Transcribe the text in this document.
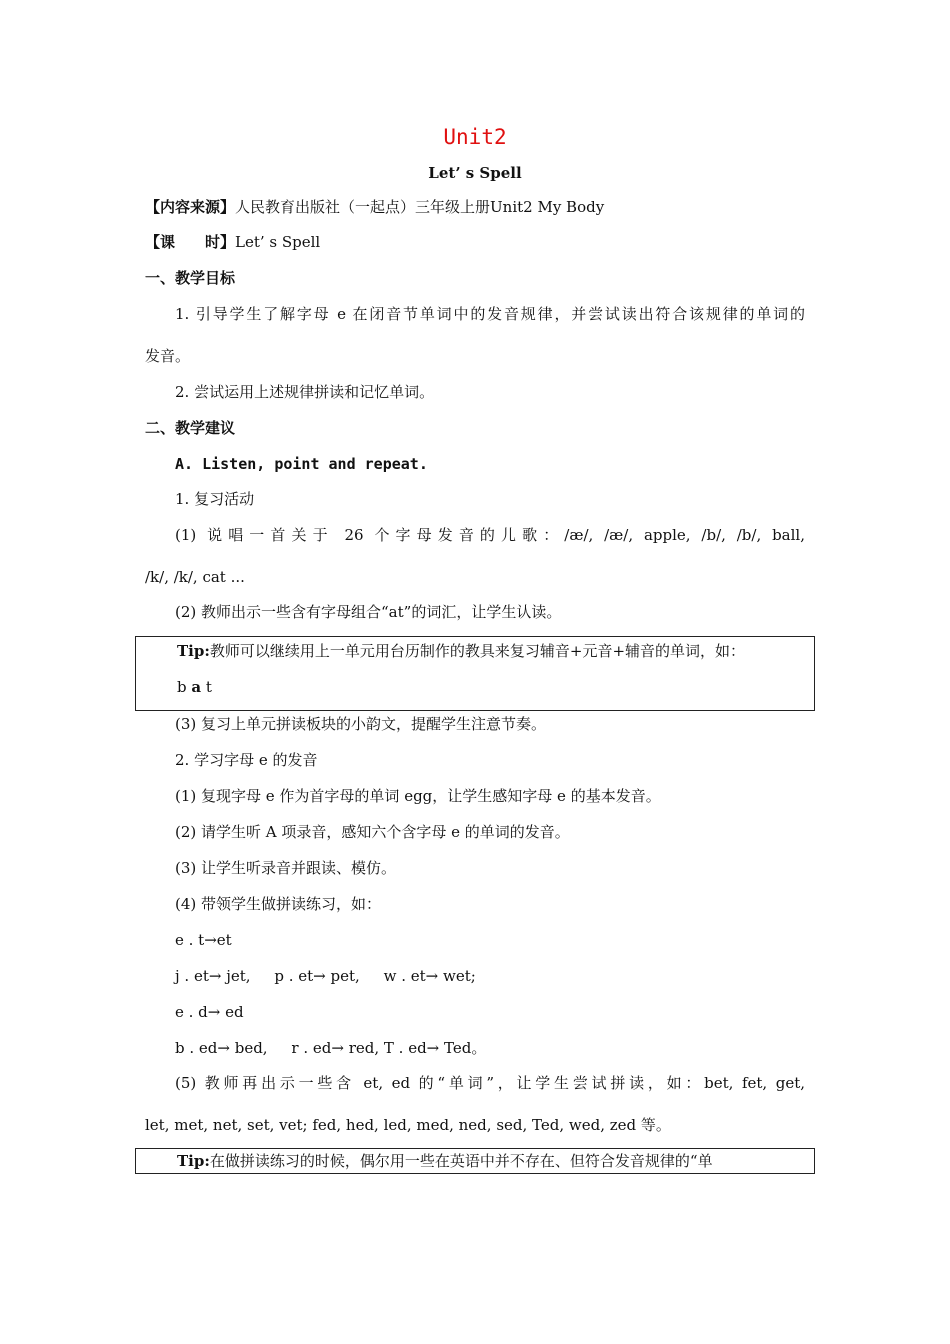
Unit2
Let’ s Spell
【内容来源】人民教育出版社（一起点）三年级上册Unit2 My Body
【课　　时】Let’ s Spell
一、教学目标
1. 引导学生了解字母 e 在闭音节单词中的发音规律，并尝试读出符合该规律的单词的
发音。
2. 尝试运用上述规律拼读和记忆单词。
二、教学建议
A. Listen, point and repeat.
1. 复习活动
(1) 说唱一首关于 26 个字母发音的儿歌：/æ/, /æ/, apple, /b/, /b/, ball,
/k/, /k/, cat ...
(2) 教师出示一些含有字母组合“at”的词汇，让学生认读。
Tip:教师可以继续用上一单元用台历制作的教具来复习辅音+元音+辅音的单词，如：
b a t
(3) 复习上单元拼读板块的小韵文，提醒学生注意节奏。
2. 学习字母 e 的发音
(1) 复现字母 e 作为首字母的单词 egg，让学生感知字母 e 的基本发音。
(2) 请学生听 A 项录音，感知六个含字母 e 的单词的发音。
(3) 让学生听录音并跟读、模仿。
(4) 带领学生做拼读练习，如：
e . t→et
j . et→ jet,     p . et→ pet,     w . et→ wet;
e . d→ ed
b . ed→ bed,     r . ed→ red, T . ed→ Ted。
(5) 教师再出示一些含 et, ed 的“单词”，让学生尝试拼读，如：bet, fet, get,
let, met, net, set, vet; fed, hed, led, med, ned, sed, Ted, wed, zed 等。
Tip:在做拼读练习的时候，偶尔用一些在英语中并不存在、但符合发音规律的“单
